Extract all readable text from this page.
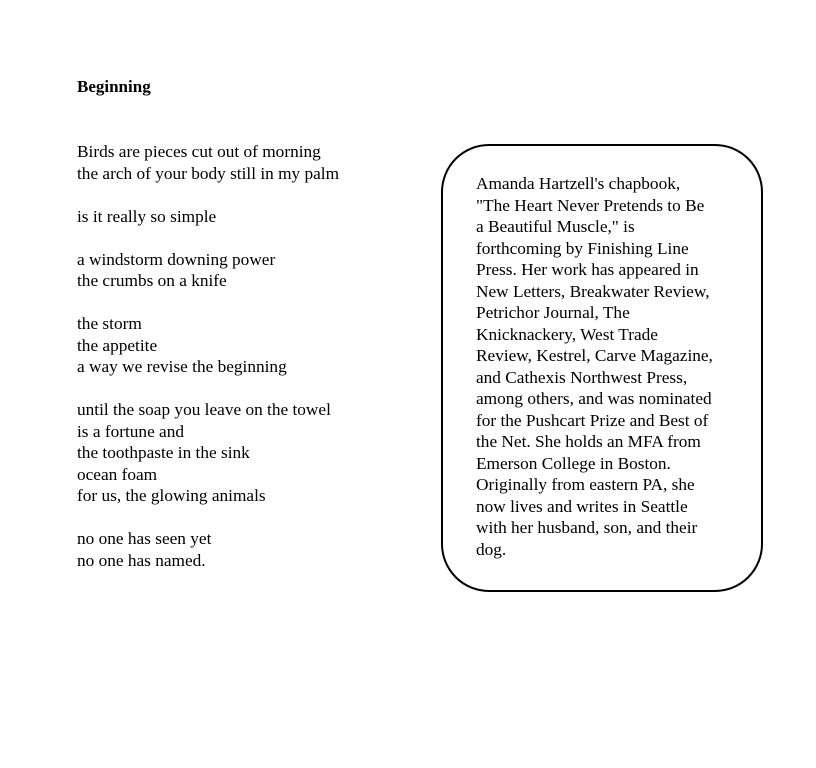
Beginning
Birds are pieces cut out of morning
the arch of your body still in my palm
is it really so simple
a windstorm downing power
the crumbs on a knife
the storm
the appetite
a way we revise the beginning
until the soap you leave on the towel
is a fortune and
the toothpaste in the sink
ocean foam
for us, the glowing animals
no one has seen yet
no one has named.
Amanda Hartzell's chapbook,
"The Heart Never Pretends to Be
a Beautiful Muscle," is
forthcoming by Finishing Line
Press. Her work has appeared in
New Letters, Breakwater Review,
Petrichor Journal, The
Knicknackery, West Trade
Review, Kestrel, Carve Magazine,
and Cathexis Northwest Press,
among others, and was nominated
for the Pushcart Prize and Best of
the Net. She holds an MFA from
Emerson College in Boston.
Originally from eastern PA, she
now lives and writes in Seattle
with her husband, son, and their
dog.
